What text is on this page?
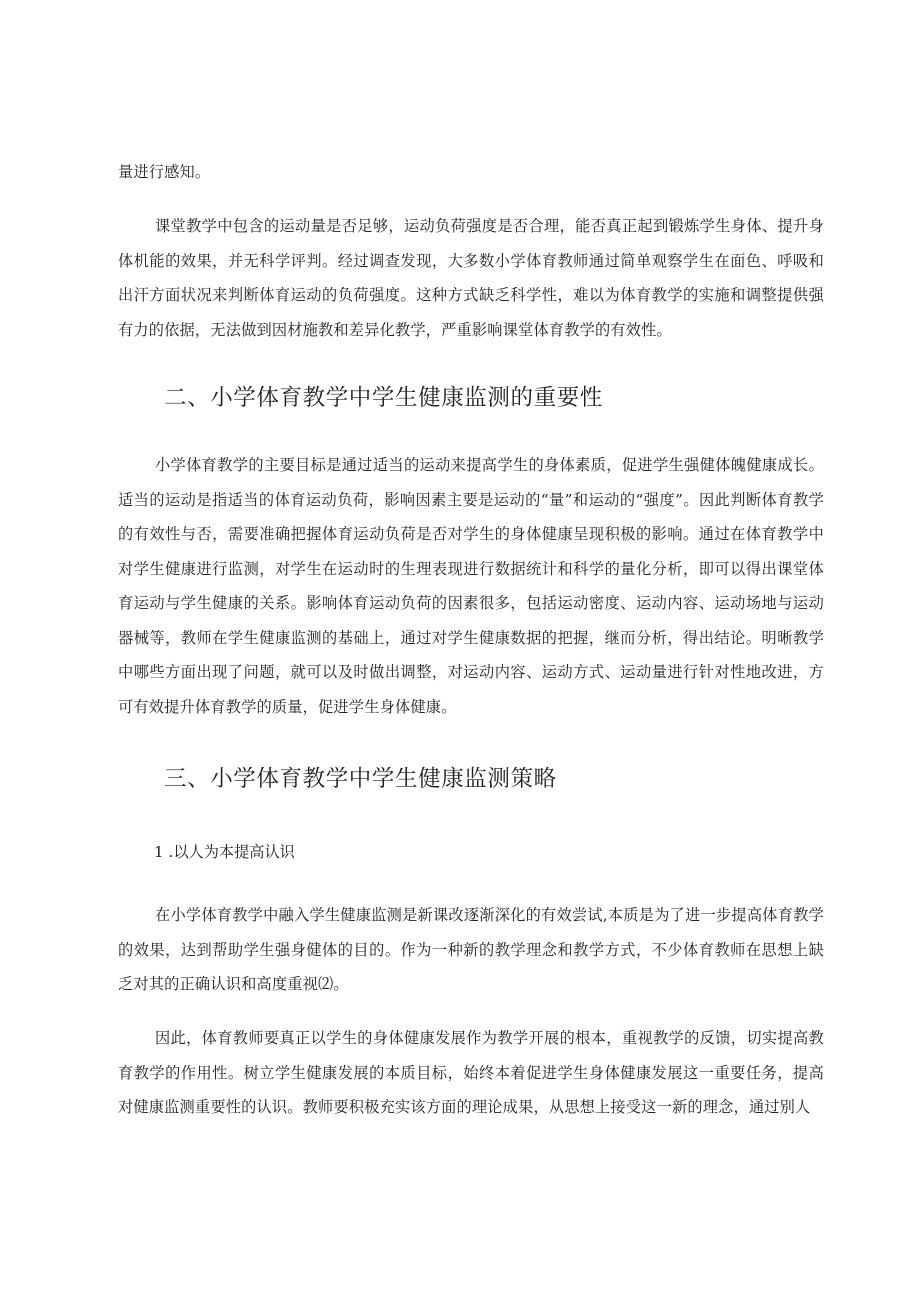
量进行感知。

课堂教学中包含的运动量是否足够，运动负荷强度是否合理，能否真正起到锻炼学生身体、提升身体机能的效果，并无科学评判。经过调查发现，大多数小学体育教师通过简单观察学生在面色、呼吸和出汗方面状况来判断体育运动的负荷强度。这种方式缺乏科学性，难以为体育教学的实施和调整提供强有力的依据，无法做到因材施教和差异化教学，严重影响课堂体育教学的有效性。

二、小学体育教学中学生健康监测的重要性

小学体育教学的主要目标是通过适当的运动来提高学生的身体素质，促进学生强健体魄健康成长。适当的运动是指适当的体育运动负荷，影响因素主要是运动的“量”和运动的“强度”。因此判断体育教学的有效性与否，需要准确把握体育运动负荷是否对学生的身体健康呈现积极的影响。通过在体育教学中对学生健康进行监测，对学生在运动时的生理表现进行数据统计和科学的量化分析，即可以得出课堂体育运动与学生健康的关系。影响体育运动负荷的因素很多，包括运动密度、运动内容、运动场地与运动器械等，教师在学生健康监测的基础上，通过对学生健康数据的把握，继而分析，得出结论。明晰教学中哪些方面出现了问题，就可以及时做出调整，对运动内容、运动方式、运动量进行针对性地改进，方可有效提升体育教学的质量，促进学生身体健康。

三、小学体育教学中学生健康监测策略
1 .以人为本提高认识

在小学体育教学中融入学生健康监测是新课改逐渐深化的有效尝试,本质是为了进一步提高体育教学的效果，达到帮助学生强身健体的目的。作为一种新的教学理念和教学方式，不少体育教师在思想上缺乏对其的正确认识和高度重视⑵。

因此，体育教师要真正以学生的身体健康发展作为教学开展的根本，重视教学的反馈，切实提高教育教学的作用性。树立学生健康发展的本质目标，始终本着促进学生身体健康发展这一重要任务，提高对健康监测重要性的认识。教师要积极充实该方面的理论成果，从思想上接受这一新的理念，通过别人
